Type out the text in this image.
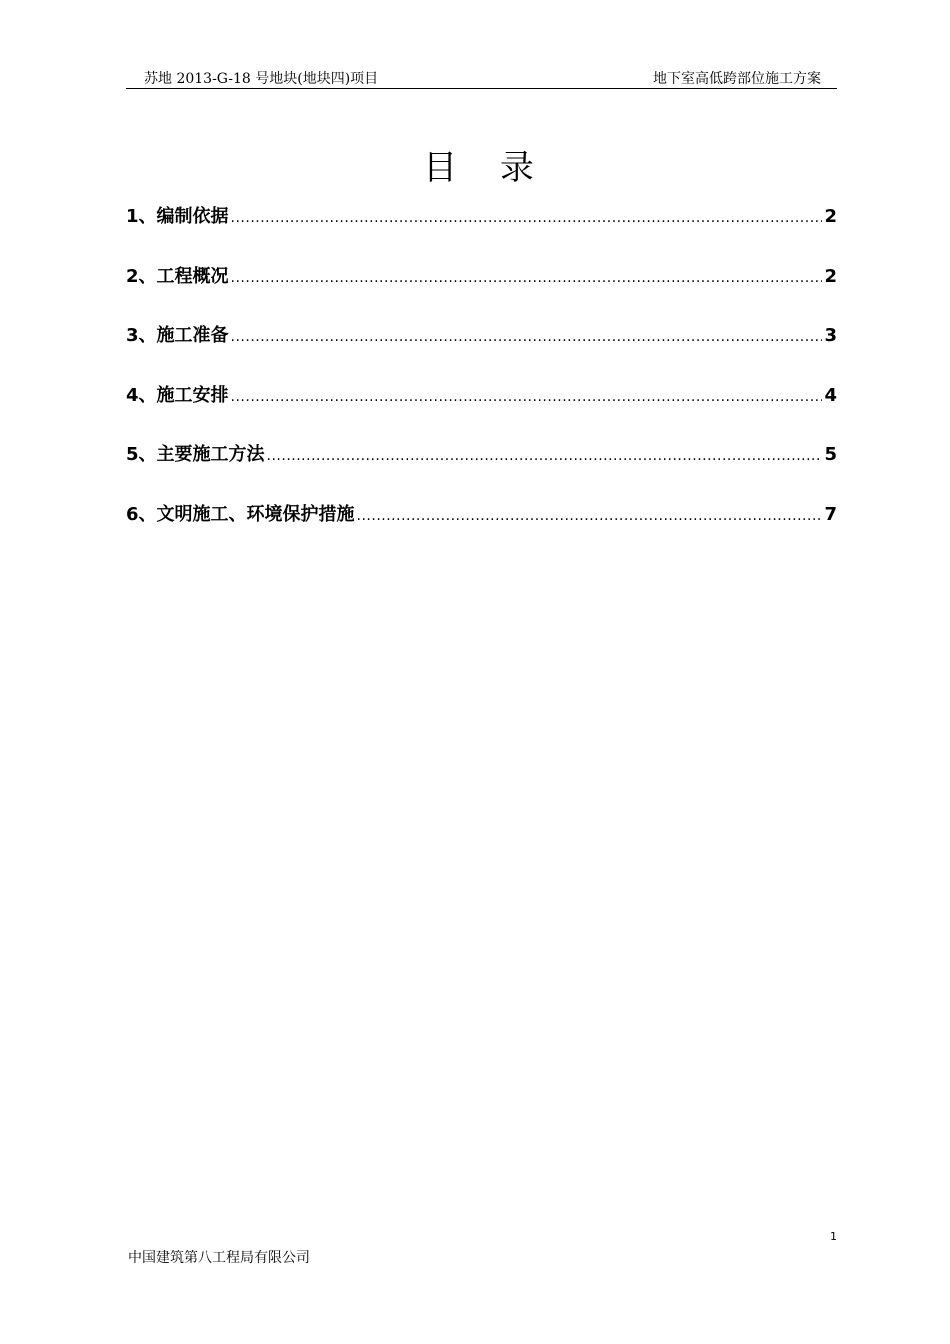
苏地 2013-G-18 号地块(地块四)项目	地下室高低跨部位施工方案
目 录
1、编制依据 .....	2
2、工程概况 .....	2
3、施工准备 .....	3
4、施工安排 .....	4
5、主要施工方法 .....	5
6、文明施工、环境保护措施 .....	7
1
中国建筑第八工程局有限公司
